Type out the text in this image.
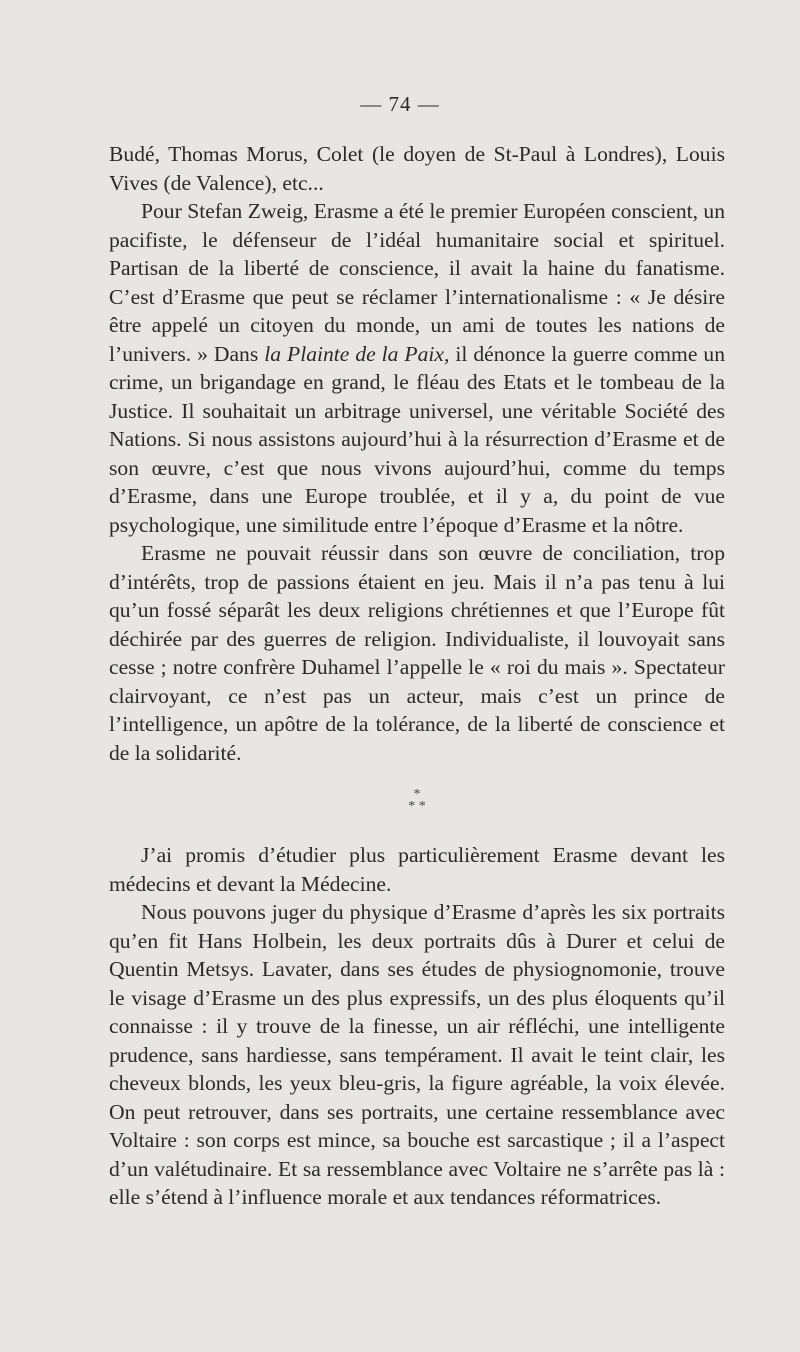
— 74 —

Budé, Thomas Morus, Colet (le doyen de St-Paul à Londres), Louis Vives (de Valence), etc...

Pour Stefan Zweig, Erasme a été le premier Européen conscient, un pacifiste, le défenseur de l’idéal humanitaire social et spirituel. Partisan de la liberté de conscience, il avait la haine du fanatisme. C’est d’Erasme que peut se réclamer l’internationalisme : « Je désire être appelé un citoyen du monde, un ami de toutes les nations de l’univers. » Dans la Plainte de la Paix, il dénonce la guerre comme un crime, un brigandage en grand, le fléau des Etats et le tombeau de la Justice. Il souhaitait un arbitrage universel, une véritable Société des Nations. Si nous assistons aujourd’hui à la résurrection d’Erasme et de son œuvre, c’est que nous vivons aujourd’hui, comme du temps d’Erasme, dans une Europe troublée, et il y a, du point de vue psychologique, une similitude entre l’époque d’Erasme et la nôtre.

Erasme ne pouvait réussir dans son œuvre de conciliation, trop d’intérêts, trop de passions étaient en jeu. Mais il n’a pas tenu à lui qu’un fossé séparât les deux religions chrétiennes et que l’Europe fût déchirée par des guerres de religion. Individualiste, il louvoyait sans cesse ; notre confrère Duhamel l’appelle le « roi du mais ». Spectateur clairvoyant, ce n’est pas un acteur, mais c’est un prince de l’intelligence, un apôtre de la tolérance, de la liberté de conscience et de la solidarité.

*
* *

J’ai promis d’étudier plus particulièrement Erasme devant les médecins et devant la Médecine.

Nous pouvons juger du physique d’Erasme d’après les six portraits qu’en fit Hans Holbein, les deux portraits dûs à Durer et celui de Quentin Metsys. Lavater, dans ses études de physiognomonie, trouve le visage d’Erasme un des plus expressifs, un des plus éloquents qu’il connaisse : il y trouve de la finesse, un air réfléchi, une intelligente prudence, sans hardiesse, sans tempérament. Il avait le teint clair, les cheveux blonds, les yeux bleu-gris, la figure agréable, la voix élevée. On peut retrouver, dans ses portraits, une certaine ressemblance avec Voltaire : son corps est mince, sa bouche est sarcastique ; il a l’aspect d’un valétudinaire. Et sa ressemblance avec Voltaire ne s’arrête pas là : elle s’étend à l’influence morale et aux tendances réformatrices.
